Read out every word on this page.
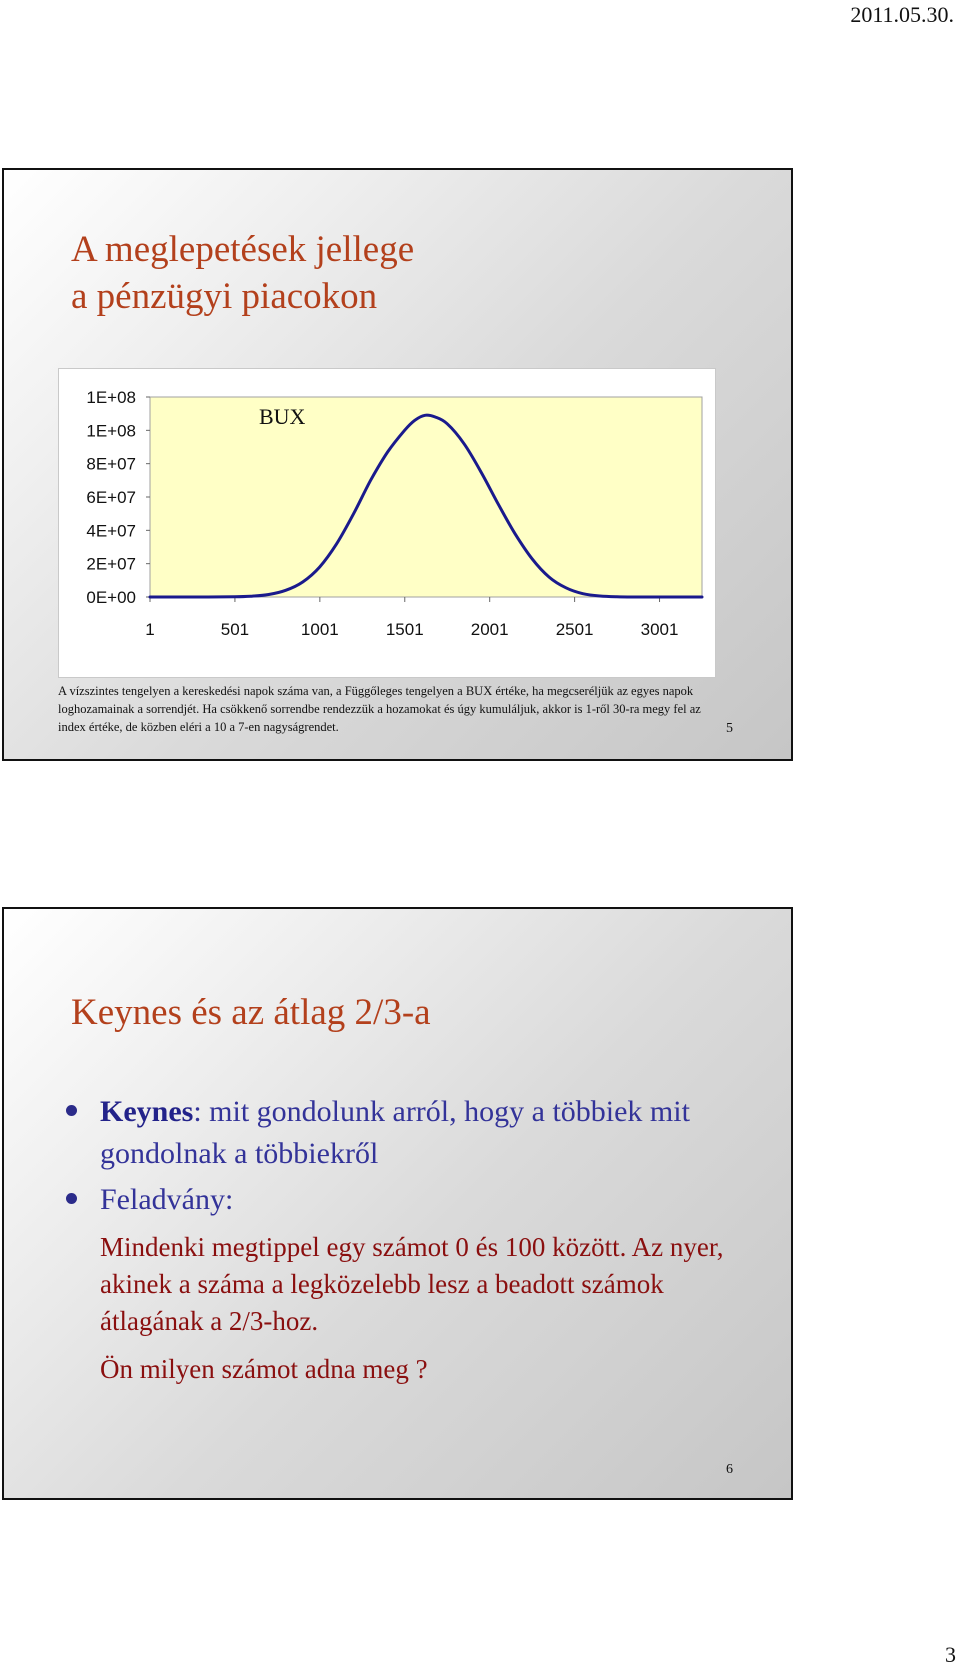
2011.05.30.
A meglepetések jellege
a pénzügyi piacokon
0E+00
2E+07
4E+07
6E+07
8E+07
1E+08
1E+08
1	501	1001	1501	2001	2501	3001
BUX

A vízszintes tengelyen a kereskedési napok száma van, a Függőleges tengelyen a BUX értéke, ha megcseréljük az egyes napok loghozamainak a sorrendjét. Ha csökkenő sorrendbe rendezzük a hozamokat és úgy kumuláljuk, akkor is 1-ről 30-ra megy fel az index értéke, de közben eléri a 10 a 7-en nagyságrendet.	5
Keynes és az átlag 2/3-a
Keynes: mit gondolunk arról, hogy a többiek mit gondolnak a többiekről
Feladvány:

Mindenki megtippel egy számot 0 és 100 között. Az nyer, akinek a száma a legközelebb lesz a beadott számok átlagának a 2/3-hoz.

Ön milyen számot adna meg ?

6
3
